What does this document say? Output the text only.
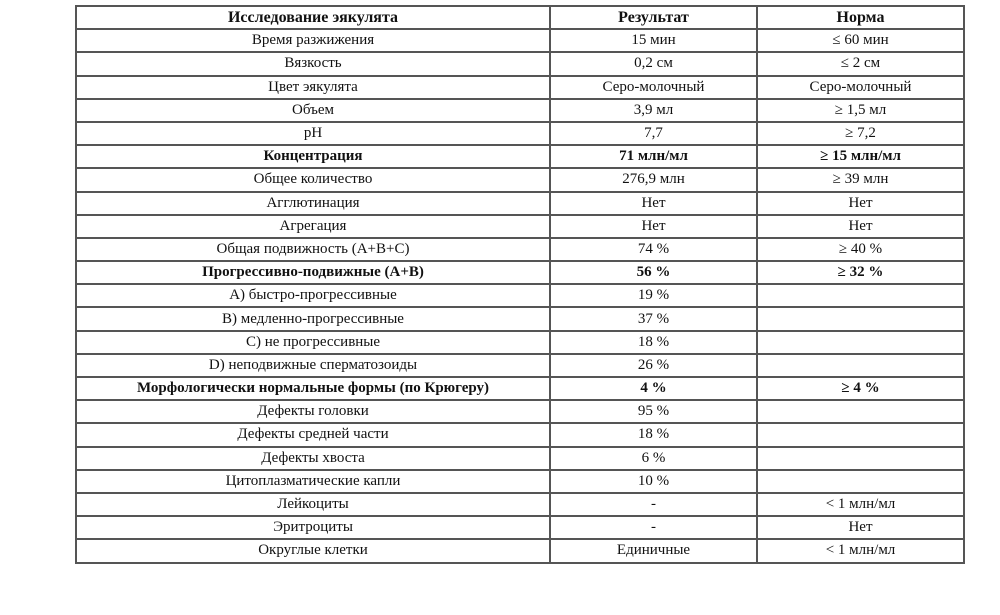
Исследование эякулята	Результат	Норма
Время разжижения	15 мин	≤ 60 мин
Вязкость	0,2 см	≤ 2 см
Цвет эякулята	Серо-молочный	Серо-молочный
Объем	3,9 мл	≥ 1,5 мл
pH	7,7	≥ 7,2
Концентрация	71 млн/мл	≥ 15 млн/мл
Общее количество	276,9 млн	≥ 39 млн
Агглютинация	Нет	Нет
Агрегация	Нет	Нет
Общая подвижность (A+B+C)	74 %	≥ 40 %
Прогрессивно-подвижные (A+B)	56 %	≥ 32 %
A) быстро-прогрессивные	19 %	
B) медленно-прогрессивные	37 %	
C) не прогрессивные	18 %	
D) неподвижные сперматозоиды	26 %	
Морфологически нормальные формы (по Крюгеру)	4 %	≥ 4 %
Дефекты головки	95 %	
Дефекты средней части	18 %	
Дефекты хвоста	6 %	
Цитоплазматические капли	10 %	
Лейкоциты	-	< 1 млн/мл
Эритроциты	-	Нет
Округлые клетки	Единичные	< 1 млн/мл
